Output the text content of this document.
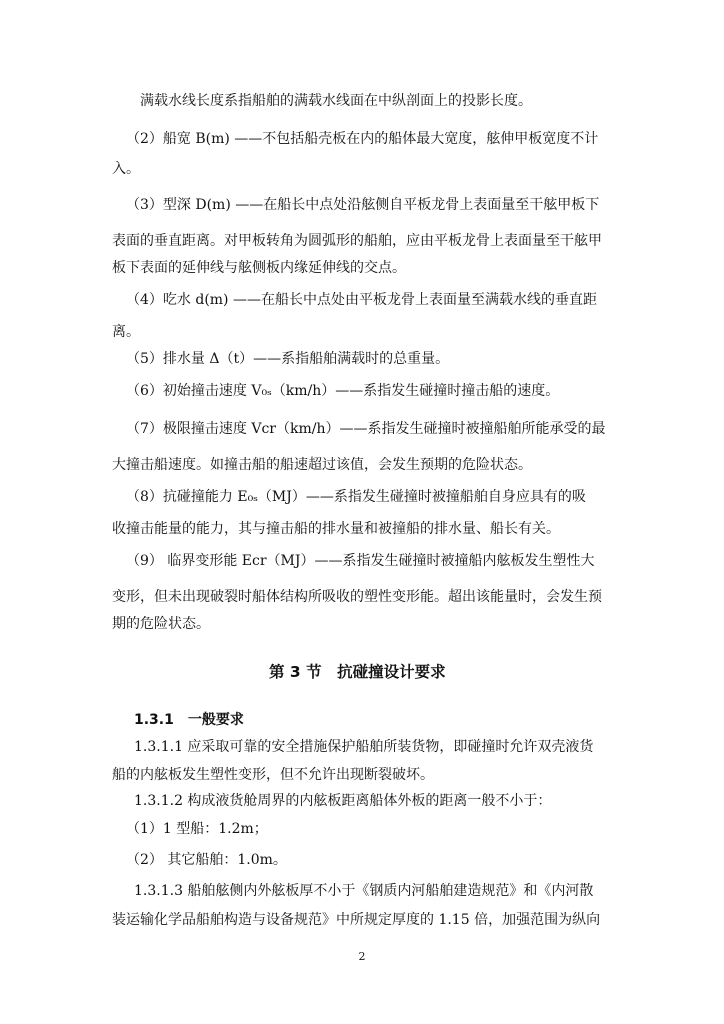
满载水线长度系指船舶的满载水线面在中纵剖面上的投影长度。
（2）船宽 B(m) ——不包括船壳板在内的船体最大宽度，舷伸甲板宽度不计
入。
（3）型深 D(m) ——在船长中点处沿舷侧自平板龙骨上表面量至干舷甲板下
表面的垂直距离。对甲板转角为圆弧形的船舶，应由平板龙骨上表面量至干舷甲
板下表面的延伸线与舷侧板内缘延伸线的交点。
（4）吃水 d(m) ——在船长中点处由平板龙骨上表面量至满载水线的垂直距
离。
（5）排水量 Δ（t）——系指船舶满载时的总重量。
（6）初始撞击速度 V₀ₛ（km/h）——系指发生碰撞时撞击船的速度。
（7）极限撞击速度 Vcr（km/h）——系指发生碰撞时被撞船舶所能承受的最
大撞击船速度。如撞击船的船速超过该值，会发生预期的危险状态。
（8）抗碰撞能力 E₀ₛ（MJ）——系指发生碰撞时被撞船舶自身应具有的吸
收撞击能量的能力，其与撞击船的排水量和被撞船的排水量、船长有关。
（9） 临界变形能 Ecr（MJ）——系指发生碰撞时被撞船内舷板发生塑性大
变形，但未出现破裂时船体结构所吸收的塑性变形能。超出该能量时，会发生预
期的危险状态。
第 3 节　抗碰撞设计要求
1.3.1　一般要求
1.3.1.1 应采取可靠的安全措施保护船舶所装货物，即碰撞时允许双壳液货
船的内舷板发生塑性变形，但不允许出现断裂破坏。
1.3.1.2 构成液货舱周界的内舷板距离船体外板的距离一般不小于：
（1）1 型船：1.2m；
（2） 其它船舶：1.0m。
1.3.1.3 船舶舷侧内外舷板厚不小于《钢质内河船舶建造规范》和《内河散
装运输化学品船舶构造与设备规范》中所规定厚度的 1.15 倍，加强范围为纵向
2
